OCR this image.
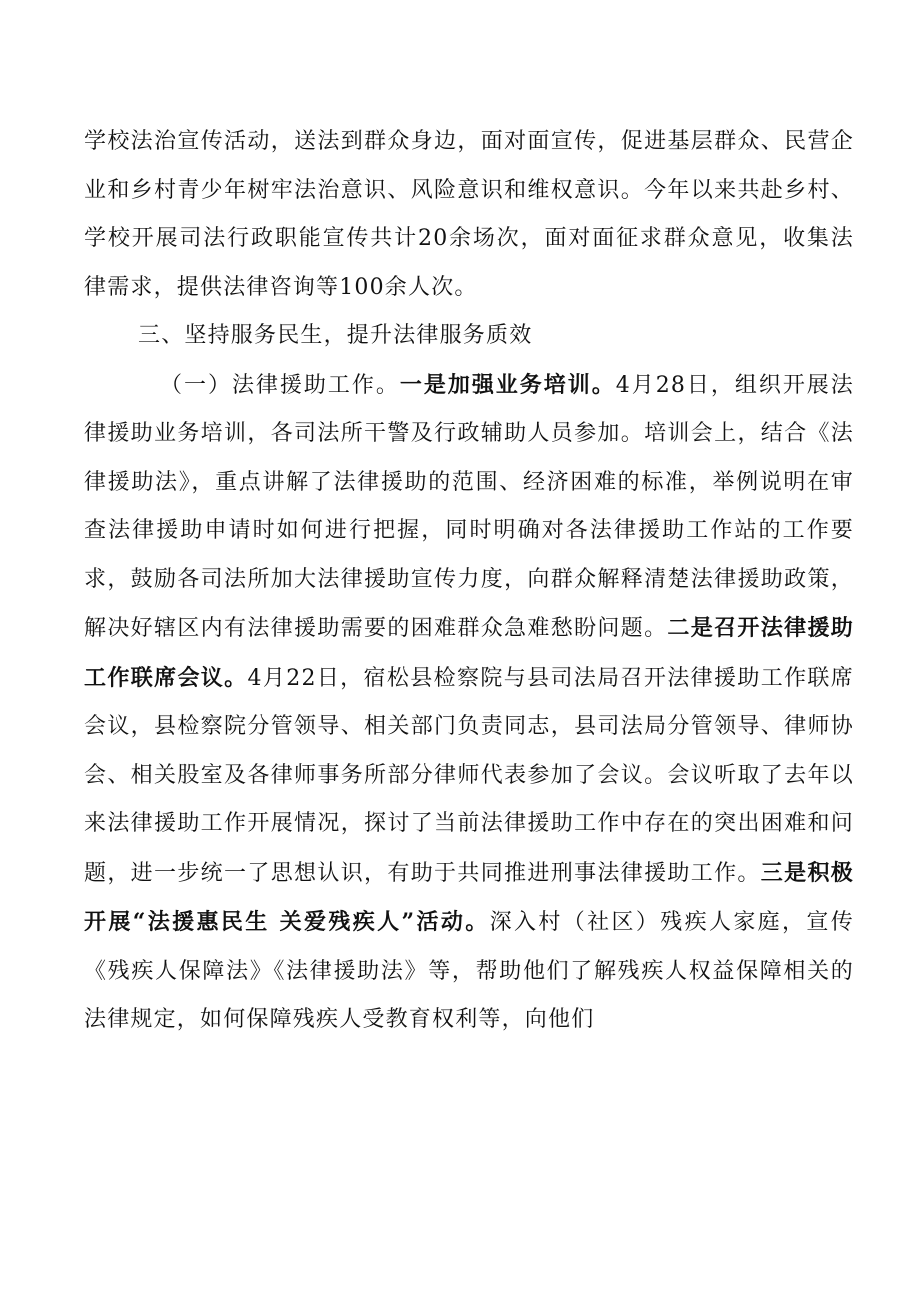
学校法治宣传活动，送法到群众身边，面对面宣传，促进基层群众、民营企业和乡村青少年树牢法治意识、风险意识和维权意识。今年以来共赴乡村、学校开展司法行政职能宣传共计20余场次，面对面征求群众意见，收集法律需求，提供法律咨询等100余人次。

三、坚持服务民生，提升法律服务质效

（一）法律援助工作。一是加强业务培训。4月28日，组织开展法律援助业务培训，各司法所干警及行政辅助人员参加。培训会上，结合《法律援助法》，重点讲解了法律援助的范围、经济困难的标准，举例说明在审查法律援助申请时如何进行把握，同时明确对各法律援助工作站的工作要求，鼓励各司法所加大法律援助宣传力度，向群众解释清楚法律援助政策，解决好辖区内有法律援助需要的困难群众急难愁盼问题。二是召开法律援助工作联席会议。4月22日，宿松县检察院与县司法局召开法律援助工作联席会议，县检察院分管领导、相关部门负责同志，县司法局分管领导、律师协会、相关股室及各律师事务所部分律师代表参加了会议。会议听取了去年以来法律援助工作开展情况，探讨了当前法律援助工作中存在的突出困难和问题，进一步统一了思想认识，有助于共同推进刑事法律援助工作。三是积极开展“法援惠民生 关爱残疾人”活动。深入村（社区）残疾人家庭，宣传《残疾人保障法》《法律援助法》等，帮助他们了解残疾人权益保障相关的法律规定，如何保障残疾人受教育权利等，向他们
